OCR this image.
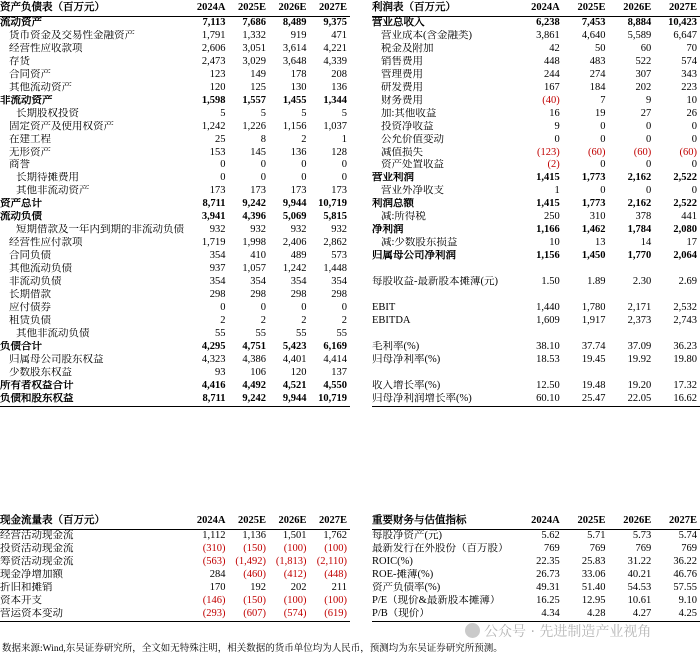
资产负债表（百万元）	2024A	2025E	2026E	2027E
流动资产	7,113	7,686	8,489	9,375
货币资金及交易性金融资产	1,791	1,332	919	471
经营性应收款项	2,606	3,051	3,614	4,221
存货	2,473	3,029	3,648	4,339
合同资产	123	149	178	208
其他流动资产	120	125	130	136
非流动资产	1,598	1,557	1,455	1,344
长期股权投资	5	5	5	5
固定资产及使用权资产	1,242	1,226	1,156	1,037
在建工程	25	8	2	1
无形资产	153	145	136	128
商誉	0	0	0	0
长期待摊费用	0	0	0	0
其他非流动资产	173	173	173	173
资产总计	8,711	9,242	9,944	10,719
流动负债	3,941	4,396	5,069	5,815
短期借款及一年内到期的非流动负债	932	932	932	932
经营性应付款项	1,719	1,998	2,406	2,862
合同负债	354	410	489	573
其他流动负债	937	1,057	1,242	1,448
非流动负债	354	354	354	354
长期借款	298	298	298	298
应付债券	0	0	0	0
租赁负债	2	2	2	2
其他非流动负债	55	55	55	55
负债合计	4,295	4,751	5,423	6,169
归属母公司股东权益	4,323	4,386	4,401	4,414
少数股东权益	93	106	120	137
所有者权益合计	4,416	4,492	4,521	4,550
负债和股东权益	8,711	9,242	9,944	10,719
利润表（百万元）	2024A	2025E	2026E	2027E
营业总收入	6,238	7,453	8,884	10,423
营业成本(含金融类)	3,861	4,640	5,589	6,647
税金及附加	42	50	60	70
销售费用	448	483	522	574
管理费用	244	274	307	343
研发费用	167	184	202	223
财务费用	(40)	7	9	10
加:其他收益	16	19	27	26
投资净收益	9	0	0	0
公允价值变动	0	0	0	0
减值损失	(123)	(60)	(60)	(60)
资产处置收益	(2)	0	0	0
营业利润	1,415	1,773	2,162	2,522
营业外净收支	1	0	0	0
利润总额	1,415	1,773	2,162	2,522
减:所得税	250	310	378	441
净利润	1,166	1,462	1,784	2,080
减:少数股东损益	10	13	14	17
归属母公司净利润	1,156	1,450	1,770	2,064

每股收益-最新股本摊薄(元)	1.50	1.89	2.30	2.69

EBIT	1,440	1,780	2,171	2,532
EBITDA	1,609	1,917	2,373	2,743

毛利率(%)	38.10	37.74	37.09	36.23
归母净利率(%)	18.53	19.45	19.92	19.80

收入增长率(%)	12.50	19.48	19.20	17.32
归母净利润增长率(%)	60.10	25.47	22.05	16.62
现金流量表（百万元）	2024A	2025E	2026E	2027E
经营活动现金流	1,112	1,136	1,501	1,762
投资活动现金流	(310)	(150)	(100)	(100)
筹资活动现金流	(563)	(1,492)	(1,813)	(2,110)
现金净增加额	284	(460)	(412)	(448)
折旧和摊销	170	192	202	211
资本开支	(146)	(150)	(100)	(100)
营运资本变动	(293)	(607)	(574)	(619)
重要财务与估值指标	2024A	2025E	2026E	2027E
每股净资产(元)	5.62	5.71	5.73	5.74
最新发行在外股份（百万股）	769	769	769	769
ROIC(%)	22.35	25.83	31.22	36.22
ROE-摊薄(%)	26.73	33.06	40.21	46.76
资产负债率(%)	49.31	51.40	54.53	57.55
P/E（现价&最新股本摊薄）	16.25	12.95	10.61	9.10
P/B（现价）	4.34	4.28	4.27	4.25
数据来源:Wind,东吴证券研究所，全文如无特殊注明，相关数据的货币单位均为人民币，预测均为东吴证券研究所预测。
公众号 · 先进制造产业视角
